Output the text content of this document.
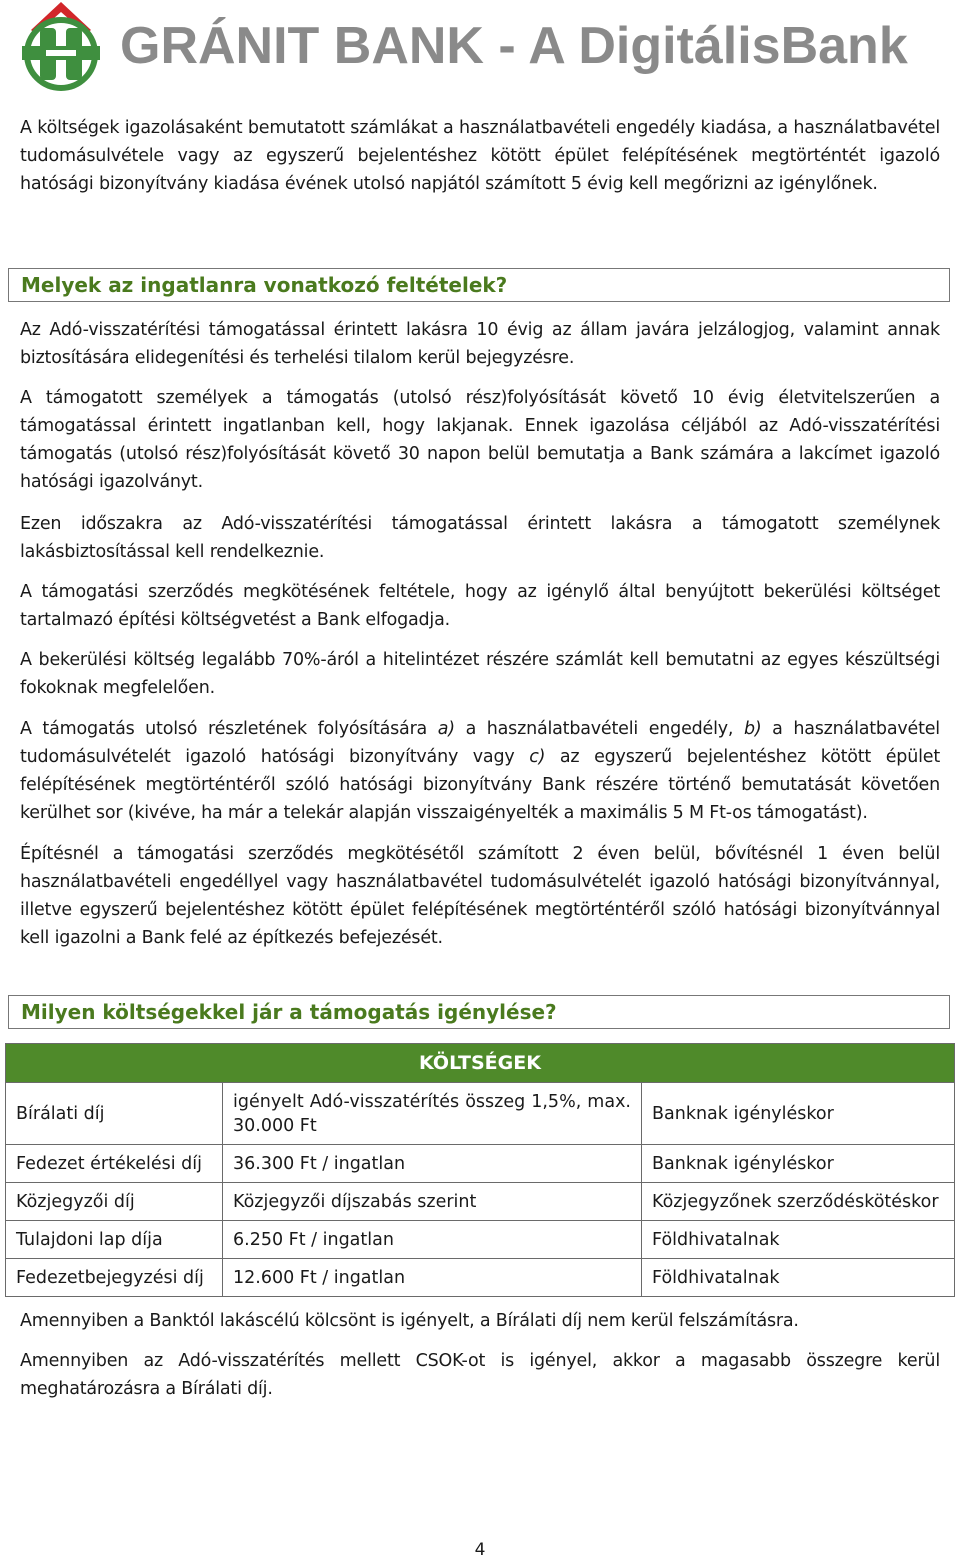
GRÁNIT BANK - A DigitálisBank

A költségek igazolásaként bemutatott számlákat a használatbavételi engedély kiadása, a használatbavétel tudomásulvétele vagy az egyszerű bejelentéshez kötött épület felépítésének megtörténtét igazoló hatósági bizonyítvány kiadása évének utolsó napjától számított 5 évig kell megőrizni az igénylőnek.

Melyek az ingatlanra vonatkozó feltételek?

Az Adó-visszatérítési támogatással érintett lakásra 10 évig az állam javára jelzálogjog, valamint annak biztosítására elidegenítési és terhelési tilalom kerül bejegyzésre.

A támogatott személyek a támogatás (utolsó rész)folyósítását követő 10 évig életvitelszerűen a támogatással érintett ingatlanban kell, hogy lakjanak. Ennek igazolása céljából az Adó-visszatérítési támogatás (utolsó rész)folyósítását követő 30 napon belül bemutatja a Bank számára a lakcímet igazoló hatósági igazolványt.

Ezen időszakra az Adó-visszatérítési támogatással érintett lakásra a támogatott személynek lakásbiztosítással kell rendelkeznie.

A támogatási szerződés megkötésének feltétele, hogy az igénylő által benyújtott bekerülési költséget tartalmazó építési költségvetést a Bank elfogadja.

A bekerülési költség legalább 70%-áról a hitelintézet részére számlát kell bemutatni az egyes készültségi fokoknak megfelelően.

A támogatás utolsó részletének folyósítására a) a használatbavételi engedély, b) a használatbavétel tudomásulvételét igazoló hatósági bizonyítvány vagy c) az egyszerű bejelentéshez kötött épület felépítésének megtörténtéről szóló hatósági bizonyítvány Bank részére történő bemutatását követően kerülhet sor (kivéve, ha már a telekár alapján visszaigényelték a maximális 5 M Ft-os támogatást).

Építésnél a támogatási szerződés megkötésétől számított 2 éven belül, bővítésnél 1 éven belül használatbavételi engedéllyel vagy használatbavétel tudomásulvételét igazoló hatósági bizonyítvánnyal, illetve egyszerű bejelentéshez kötött épület felépítésének megtörténtéről szóló hatósági bizonyítvánnyal kell igazolni a Bank felé az építkezés befejezését.

Milyen költségekkel jár a támogatás igénylése?
KÖLTSÉGEK		
Bírálati díj	igényelt Adó-visszatérítés összeg 1,5%, max. 30.000 Ft	Banknak igényléskor
Fedezet értékelési díj	36.300 Ft / ingatlan	Banknak igényléskor
Közjegyzői díj	Közjegyzői díjszabás szerint	Közjegyzőnek szerződéskötéskor
Tulajdoni lap díja	6.250 Ft / ingatlan	Földhivatalnak
Fedezetbejegyzési díj	12.600 Ft / ingatlan	Földhivatalnak

Amennyiben a Banktól lakáscélú kölcsönt is igényelt, a Bírálati díj nem kerül felszámításra.

Amennyiben az Adó-visszatérítés mellett CSOK-ot is igényel, akkor a magasabb összegre kerül meghatározásra a Bírálati díj.

4
